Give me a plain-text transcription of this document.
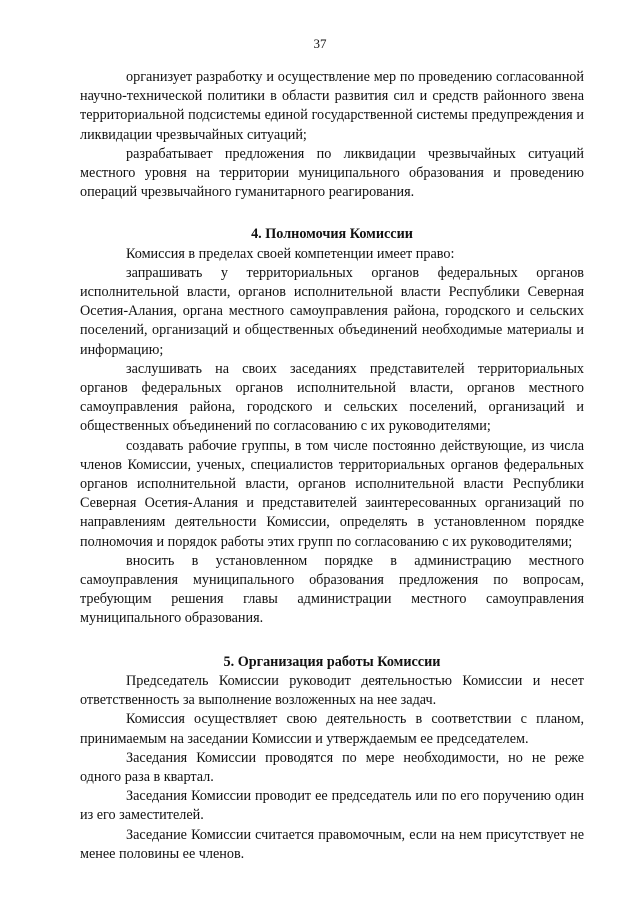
37

организует разработку и осуществление мер по проведению согласованной научно-технической политики в области развития сил и средств районного звена территориальной подсистемы единой государственной системы предупреждения и ликвидации чрезвычайных ситуаций;

разрабатывает предложения по ликвидации чрезвычайных ситуаций местного уровня на территории муниципального образования и проведению операций чрезвычайного гуманитарного реагирования.

4. Полномочия Комиссии

Комиссия в пределах своей компетенции имеет право:

запрашивать у территориальных органов федеральных органов исполнительной власти, органов исполнительной власти Республики Северная Осетия-Алания, органа местного самоуправления района, городского и сельских поселений, организаций и общественных объединений необходимые материалы и информацию;

заслушивать на своих заседаниях представителей территориальных органов федеральных органов исполнительной власти, органов местного самоуправления района, городского и сельских поселений, организаций и общественных объединений по согласованию с их руководителями;

создавать рабочие группы, в том числе постоянно действующие, из числа членов Комиссии, ученых, специалистов территориальных органов федеральных органов исполнительной власти, органов исполнительной власти Республики Северная Осетия-Алания и представителей заинтересованных организаций по направлениям деятельности Комиссии, определять в установленном порядке полномочия и порядок работы этих групп по согласованию с их руководителями;

вносить в установленном порядке в администрацию местного самоуправления муниципального образования предложения по вопросам, требующим решения главы администрации местного самоуправления муниципального образования.

5. Организация работы Комиссии

Председатель Комиссии руководит деятельностью Комиссии и несет ответственность за выполнение возложенных на нее задач.

Комиссия осуществляет свою деятельность в соответствии с планом, принимаемым на заседании Комиссии и утверждаемым ее председателем.

Заседания Комиссии проводятся по мере необходимости, но не реже одного раза в квартал.

Заседания Комиссии проводит ее председатель или по его поручению один из его заместителей.

Заседание Комиссии считается правомочным, если на нем присутствует не менее половины ее членов.
